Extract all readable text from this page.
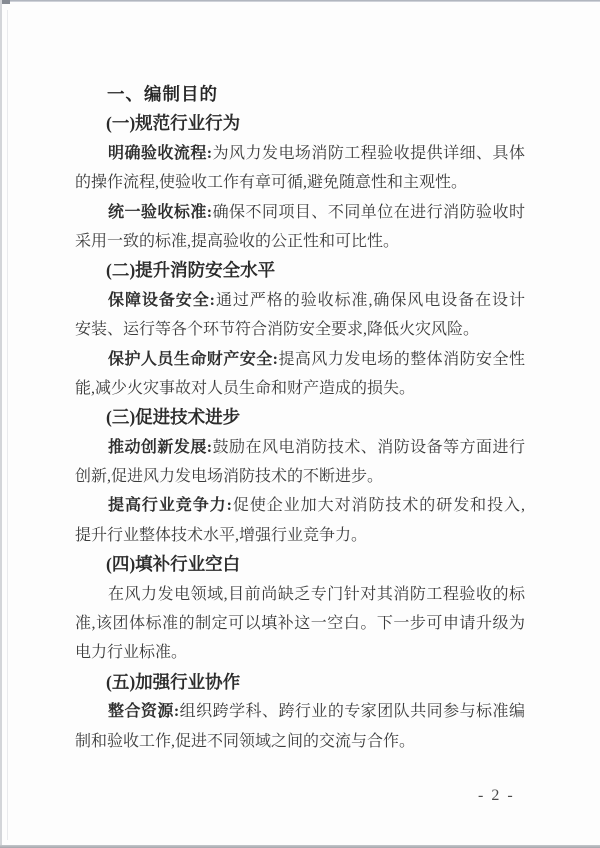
一、编制目的
(一)规范行业行为
明确验收流程:为风力发电场消防工程验收提供详细、具体
的操作流程,使验收工作有章可循,避免随意性和主观性。
统一验收标准:确保不同项目、不同单位在进行消防验收时
采用一致的标准,提高验收的公正性和可比性。
(二)提升消防安全水平
保障设备安全:通过严格的验收标准,确保风电设备在设计
安装、运行等各个环节符合消防安全要求,降低火灾风险。
保护人员生命财产安全:提高风力发电场的整体消防安全性
能,减少火灾事故对人员生命和财产造成的损失。
(三)促进技术进步
推动创新发展:鼓励在风电消防技术、消防设备等方面进行
创新,促进风力发电场消防技术的不断进步。
提高行业竞争力:促使企业加大对消防技术的研发和投入,
提升行业整体技术水平,增强行业竞争力。
(四)填补行业空白
在风力发电领域,目前尚缺乏专门针对其消防工程验收的标
准,该团体标准的制定可以填补这一空白。下一步可申请升级为
电力行业标准。
(五)加强行业协作
整合资源:组织跨学科、跨行业的专家团队共同参与标准编
制和验收工作,促进不同领域之间的交流与合作。
- 2 -
